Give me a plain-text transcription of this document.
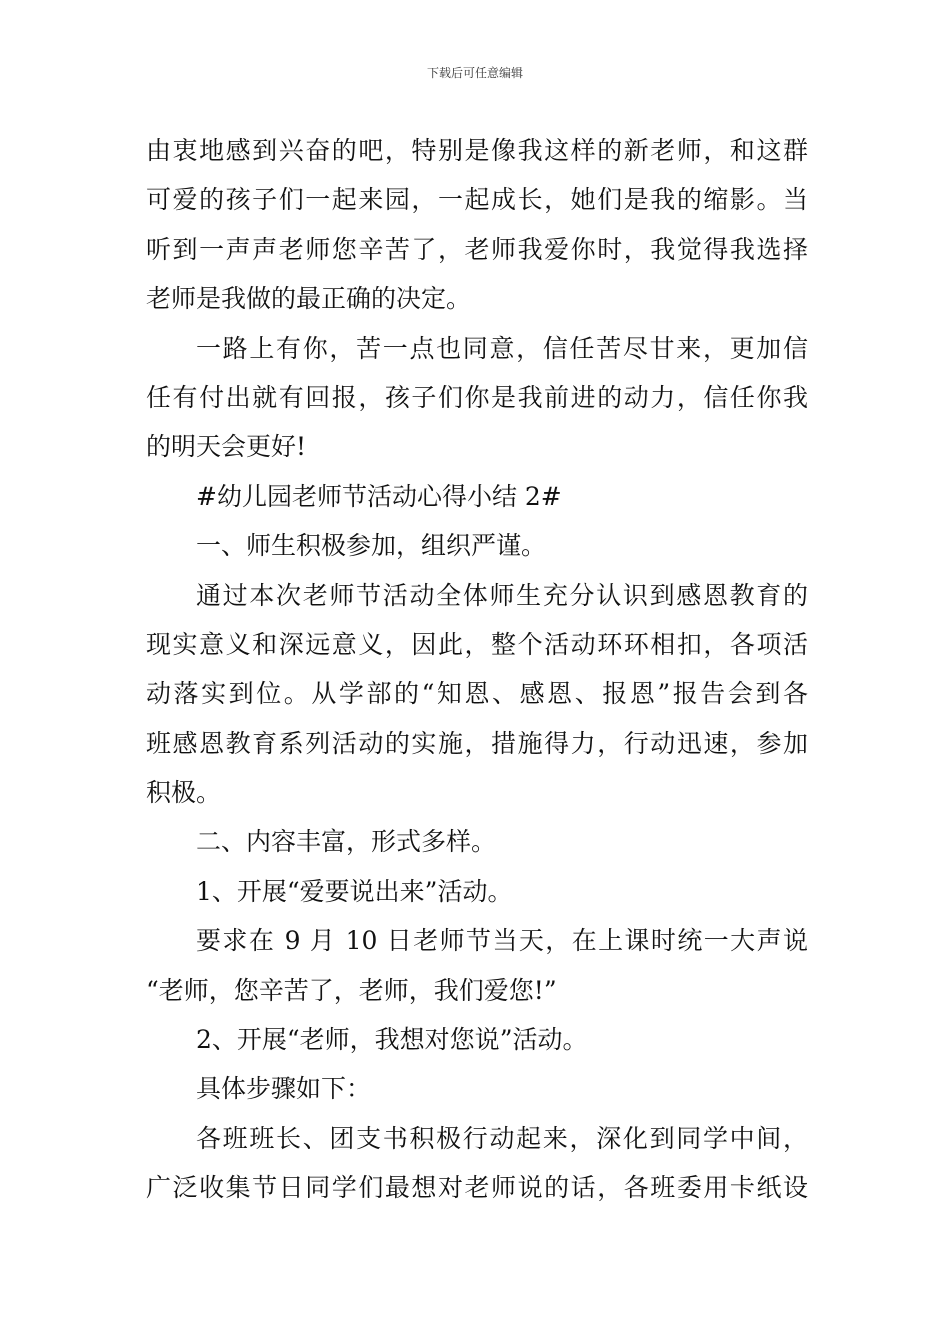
下载后可任意编辑
由衷地感到兴奋的吧，特别是像我这样的新老师，和这群
可爱的孩子们一起来园，一起成长，她们是我的缩影。当
听到一声声老师您辛苦了，老师我爱你时，我觉得我选择
老师是我做的最正确的决定。
一路上有你，苦一点也同意，信任苦尽甘来，更加信
任有付出就有回报，孩子们你是我前进的动力，信任你我
的明天会更好!
#幼儿园老师节活动心得小结 2#
一、师生积极参加，组织严谨。
通过本次老师节活动全体师生充分认识到感恩教育的
现实意义和深远意义，因此，整个活动环环相扣，各项活
动落实到位。从学部的“知恩、感恩、报恩”报告会到各
班感恩教育系列活动的实施，措施得力，行动迅速，参加
积极。
二、内容丰富，形式多样。
1、开展“爱要说出来”活动。
要求在 9 月 10 日老师节当天，在上课时统一大声说
“老师，您辛苦了，老师，我们爱您!”
2、开展“老师，我想对您说”活动。
具体步骤如下：
各班班长、团支书积极行动起来，深化到同学中间，
广泛收集节日同学们最想对老师说的话，各班委用卡纸设
